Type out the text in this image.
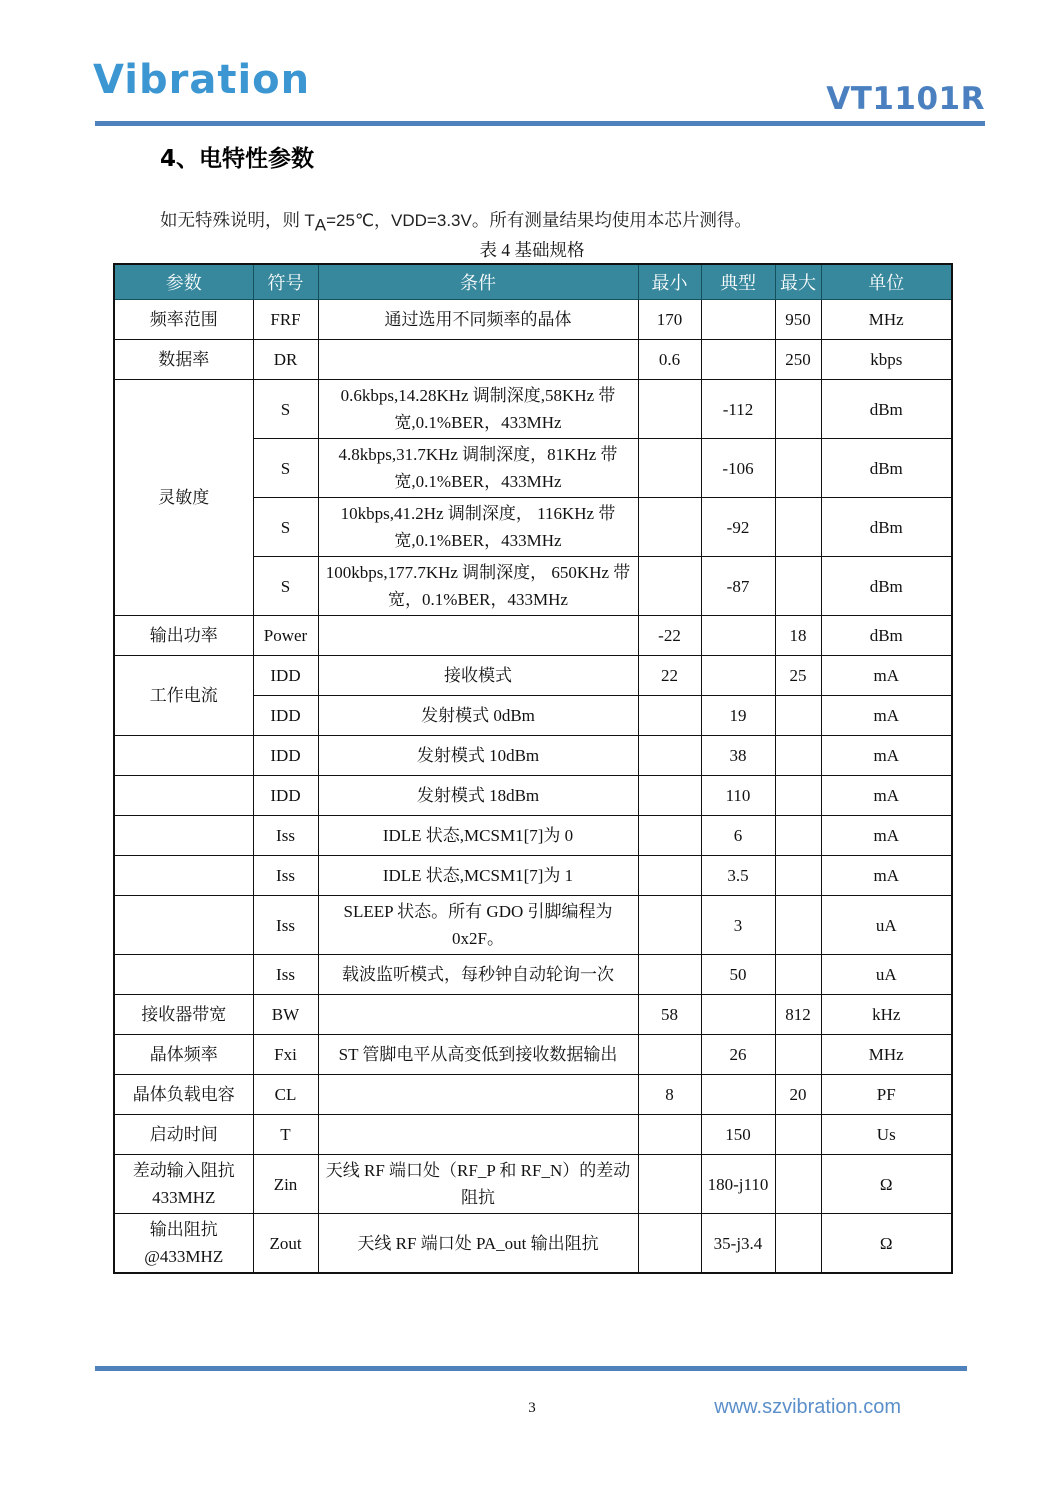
Vibration	VT1101R
4、电特性参数
如无特殊说明，则 $T_A=25℃$，VDD=3.3V。所有测量结果均使用本芯片测得。
表 4 基础规格
参数	符号	条件	最小	典型	最大	单位
频率范围	FRF	通过选用不同频率的晶体	170		950	MHz
数据率	DR		0.6		250	kbps
灵敏度	S	0.6kbps,14.28KHz 调制深度,58KHz 带宽,0.1%BER，433MHz		-112		dBm
	S	4.8kbps,31.7KHz 调制深度，81KHz 带宽,0.1%BER，433MHz		-106		dBm
	S	10kbps,41.2Hz 调制深度， 116KHz 带宽,0.1%BER，433MHz		-92		dBm
	S	100kbps,177.7KHz 调制深度， 650KHz 带宽，0.1%BER，433MHz		-87		dBm
输出功率	Power		-22		18	dBm
工作电流	IDD	接收模式	22		25	mA
	IDD	发射模式 0dBm		19		mA
	IDD	发射模式 10dBm		38		mA
	IDD	发射模式 18dBm		110		mA
	Iss	IDLE 状态,MCSM1[7]为 0		6		mA
	Iss	IDLE 状态,MCSM1[7]为 1		3.5		mA
	Iss	SLEEP 状态。所有 GDO 引脚编程为 0x2F。		3		uA
	Iss	载波监听模式，每秒钟自动轮询一次		50		uA
接收器带宽	BW		58		812	kHz
晶体频率	Fxi	ST 管脚电平从高变低到接收数据输出		26		MHz
晶体负载电容	CL		8		20	PF
启动时间	T			150		Us

差动输入阻抗
433MHZ	Zin	天线 RF 端口处（RF_P 和 RF_N）的差动阻抗		180-j110		Ω

输出阻抗
@433MHZ	Zout	天线 RF 端口处 PA_out 输出阻抗		35-j3.4		Ω
3	www.szvibration.com
